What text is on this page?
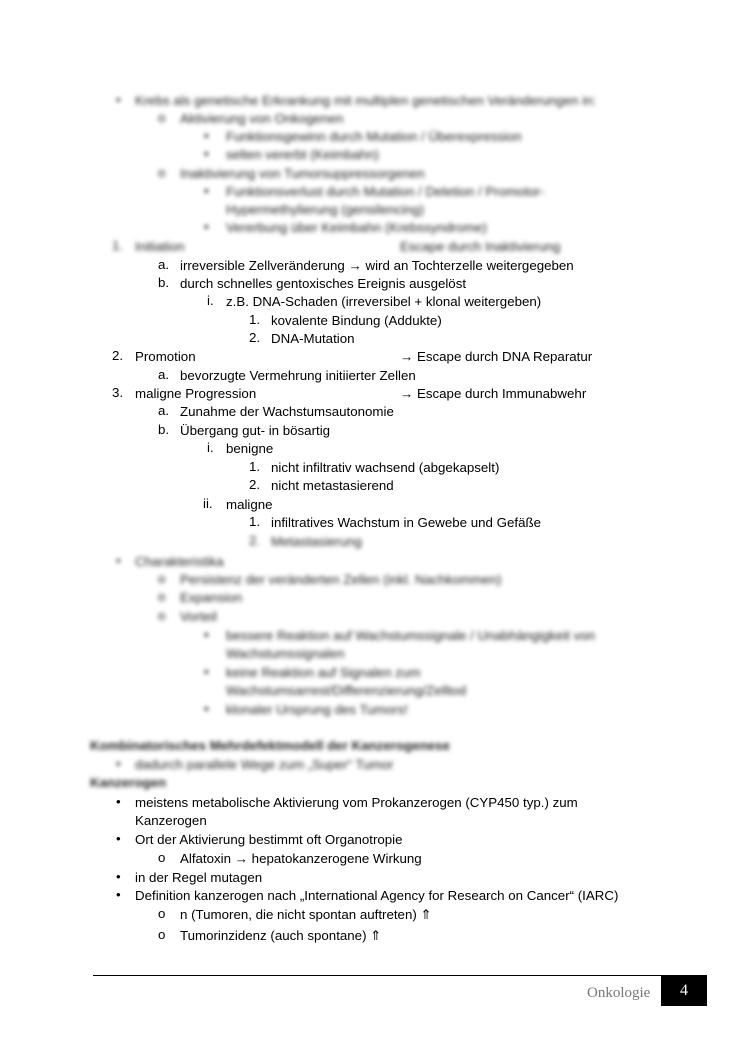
• Krebs als genetische Erkrankung mit multiplen genetischen Veränderungen in:
o Aktivierung von Onkogenen
▪ Funktionsgewinn durch Mutation / Überexpression
▪ selten vererbt (Keimbahn)
o Inaktivierung von Tumorsuppressorgenen
▪ Funktionsverlust durch Mutation / Deletion / Promotor-
Hypermethylierung (gensilencing)
▪ Vererbung über Keimbahn (Krebssyndrome)
1. Initiation	Escape durch Inaktivierung
a. irreversible Zellveränderung → wird an Tochterzelle weitergegeben
b. durch schnelles gentoxisches Ereignis ausgelöst
i. z.B. DNA-Schaden (irreversibel + klonal weitergeben)
1. kovalente Bindung (Addukte)
2. DNA-Mutation
2. Promotion	→ Escape durch DNA Reparatur
a. bevorzugte Vermehrung initiierter Zellen
3. maligne Progression	→ Escape durch Immunabwehr
a. Zunahme der Wachstumsautonomie
b. Übergang gut- in bösartig
i. benigne
1. nicht infiltrativ wachsend (abgekapselt)
2. nicht metastasierend
ii. maligne
1. infiltratives Wachstum in Gewebe und Gefäße
2. Metastasierung
• Charakteristika
o Persistenz der veränderten Zellen (inkl. Nachkommen)
o Expansion
o Vorteil
▪ bessere Reaktion auf Wachstumssignale / Unabhängigkeit von
Wachstumssignalen
▪ keine Reaktion auf Signalen zum
Wachstumsarrest/Differenzierung/Zelltod
▪ klonaler Ursprung des Tumors!
Kombinatorisches Mehrdefektmodell der Kanzerogenese
• dadurch parallele Wege zum „Super“ Tumor
Kanzerogen
• meistens metabolische Aktivierung vom Prokanzerogen (CYP450 typ.) zum
Kanzerogen
• Ort der Aktivierung bestimmt oft Organotropie
o Alfatoxin → hepatokanzerogene Wirkung
• in der Regel mutagen
• Definition kanzerogen nach „International Agency for Research on Cancer“ (IARC)
o n (Tumoren, die nicht spontan auftreten) ⇑
o Tumorinzidenz (auch spontane) ⇑
Onkologie 4
